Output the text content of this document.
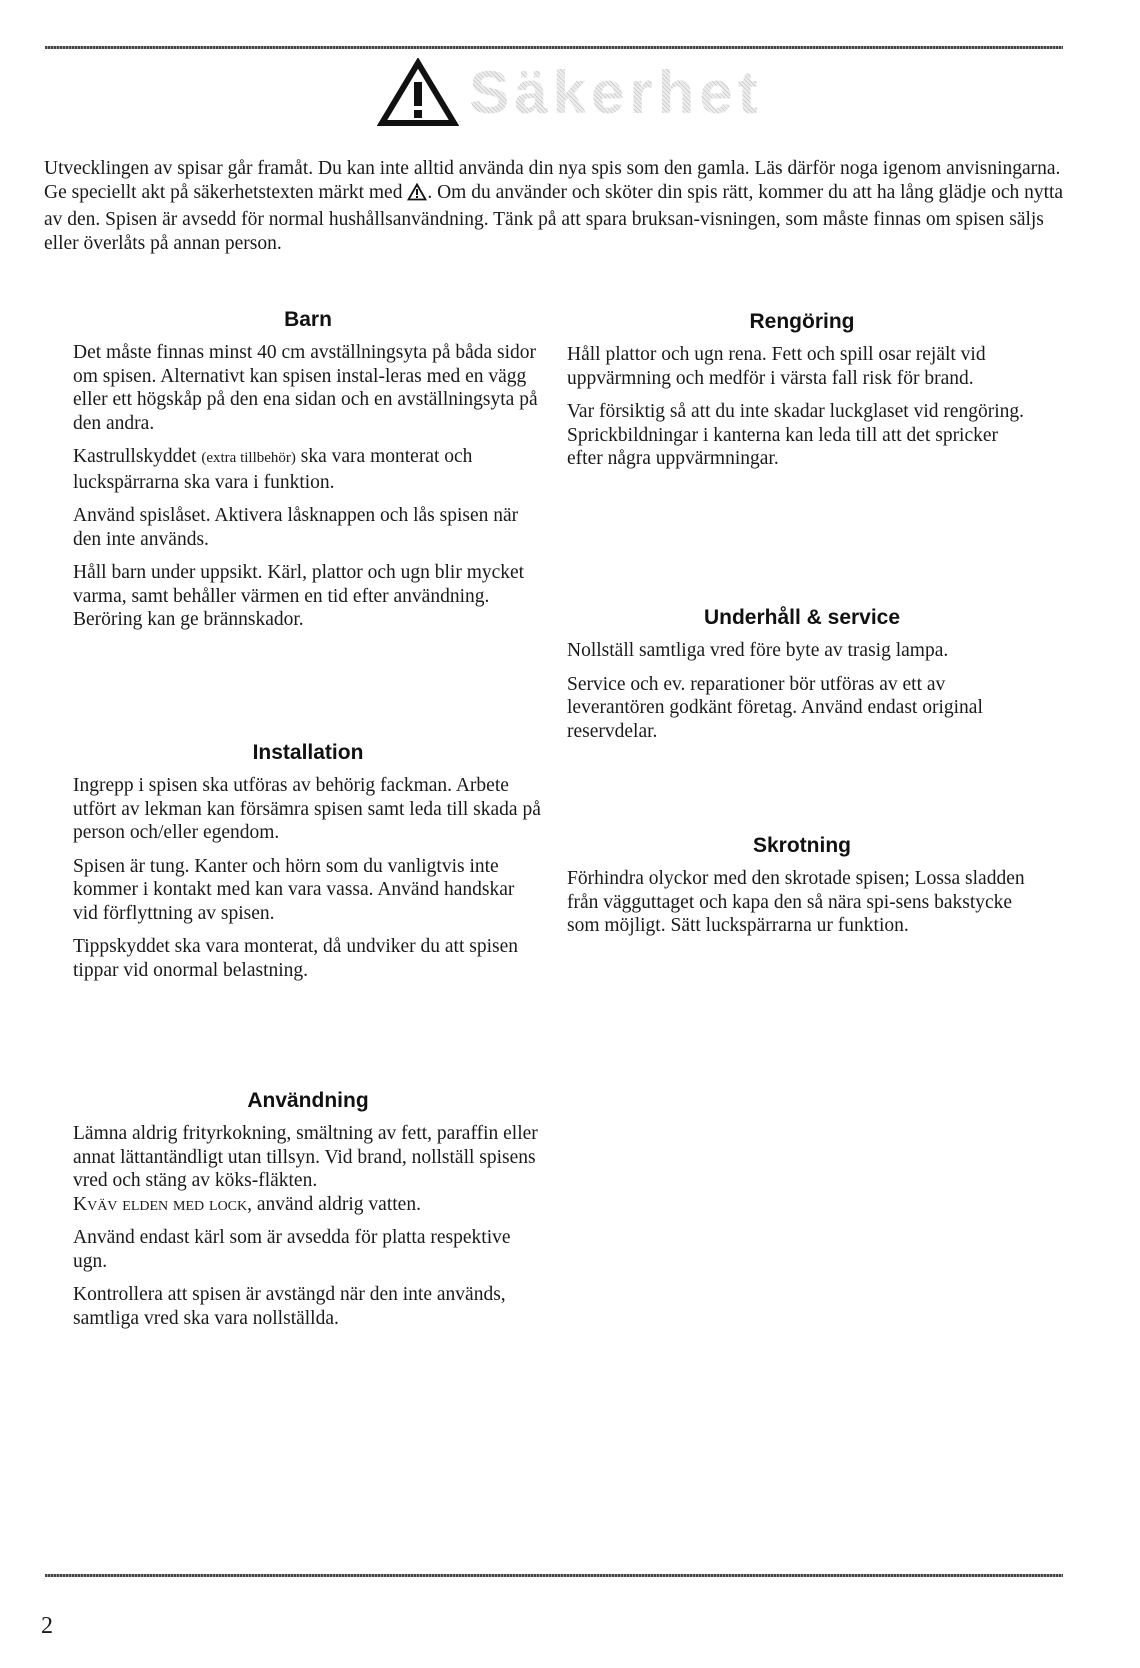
Säkerhet

Utvecklingen av spisar går framåt. Du kan inte alltid använda din nya spis som den gamla. Läs därför noga igenom anvisningarna. Ge speciellt akt på säkerhetstexten märkt med . Om du använder och sköter din spis rätt, kommer du att ha lång glädje och nytta av den. Spisen är avsedd för normal hushållsanvändning. Tänk på att spara bruksan-visningen, som måste finnas om spisen säljs eller överlåts på annan person.

Barn

Det måste finnas minst 40 cm avställningsyta på båda sidor om spisen. Alternativt kan spisen instal-leras med en vägg eller ett högskåp på den ena sidan och en avställningsyta på den andra.

Kastrullskyddet (extra tillbehör) ska vara monterat och luckspärrarna ska vara i funktion.

Använd spislåset. Aktivera låsknappen och lås spisen när den inte används.

Håll barn under uppsikt. Kärl, plattor och ugn blir mycket varma, samt behåller värmen en tid efter användning. Beröring kan ge brännskador.

Installation

Ingrepp i spisen ska utföras av behörig fackman. Arbete utfört av lekman kan försämra spisen samt leda till skada på person och/eller egendom.

Spisen är tung. Kanter och hörn som du vanligtvis inte kommer i kontakt med kan vara vassa. Använd handskar vid förflyttning av spisen.

Tippskyddet ska vara monterat, då undviker du att spisen tippar vid onormal belastning.

Användning

Lämna aldrig frityrkokning, smältning av fett, paraffin eller annat lättantändligt utan tillsyn. Vid brand, nollställ spisens vred och stäng av köks-fläkten.
Kväv elden med lock, använd aldrig vatten.

Använd endast kärl som är avsedda för platta respektive ugn.

Kontrollera att spisen är avstängd när den inte används, samtliga vred ska vara nollställda.

Rengöring

Håll plattor och ugn rena. Fett och spill osar rejält vid uppvärmning och medför i värsta fall risk för brand.

Var försiktig så att du inte skadar luckglaset vid rengöring. Sprickbildningar i kanterna kan leda till att det spricker efter några uppvärmningar.

Underhåll & service

Nollställ samtliga vred före byte av trasig lampa.

Service och ev. reparationer bör utföras av ett av leverantören godkänt företag. Använd endast original reservdelar.

Skrotning

Förhindra olyckor med den skrotade spisen; Lossa sladden från vägguttaget och kapa den så nära spi-sens bakstycke som möjligt. Sätt luckspärrarna ur funktion.

2
